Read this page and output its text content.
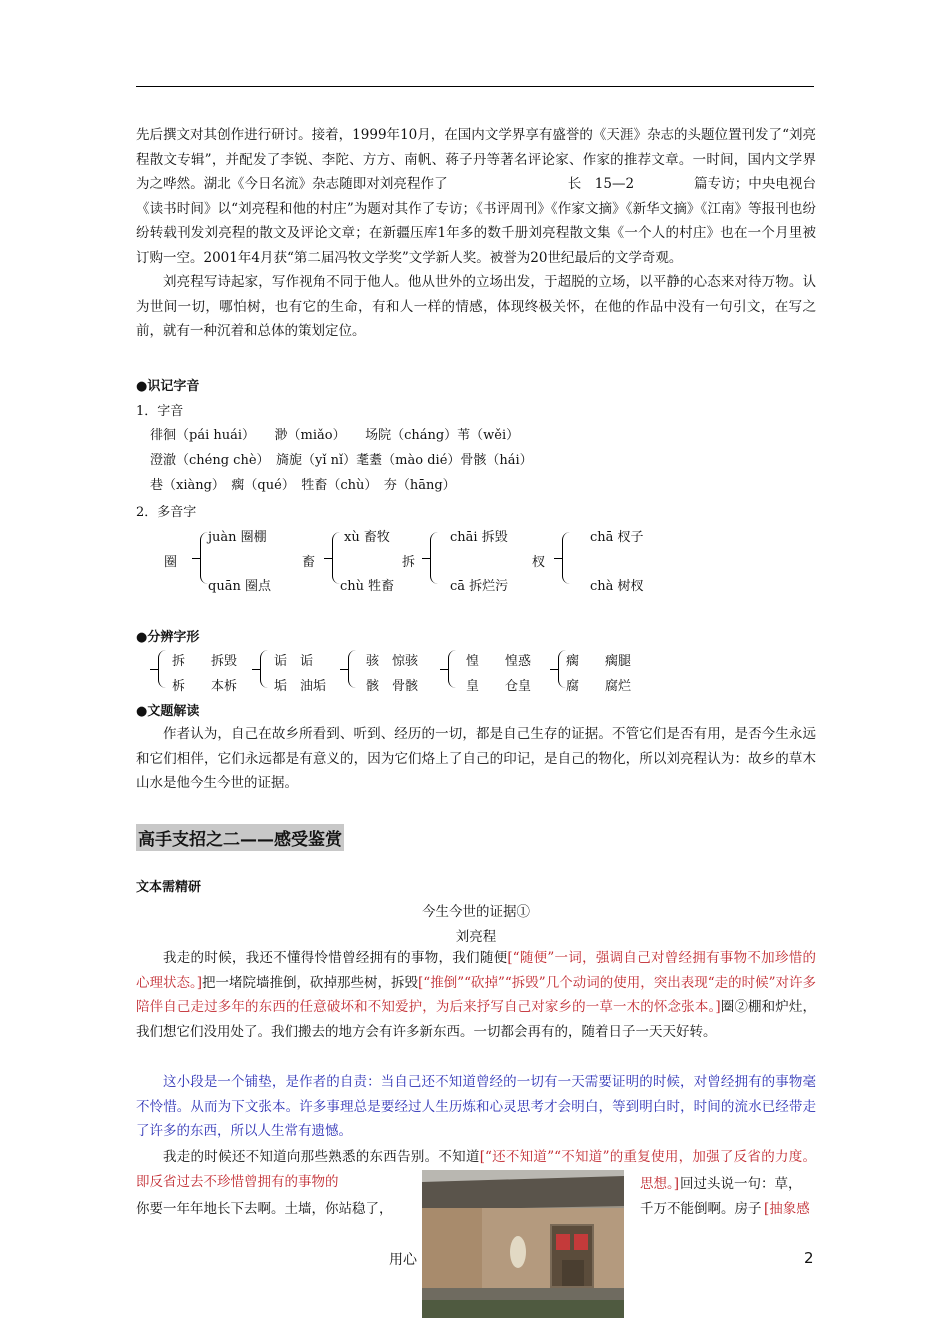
先后撰文对其创作进行研讨。接着，1999年10月，在国内文学界享有盛誉的《天涯》杂志的头题位置刊发了“刘亮程散文专辑”，并配发了李锐、李陀、方方、南帆、蒋子丹等著名评论家、作家的推荐文章。一时间，国内文学界为之哗然。湖北《今日名流》杂志随即对刘亮程作了	长　15—2	篇专访；中央电视台《读书时间》以“刘亮程和他的村庄”为题对其作了专访；《书评周刊》《作家文摘》《新华文摘》《江南》等报刊也纷纷转载刊发刘亮程的散文及评论文章；在新疆压库1年多的数千册刘亮程散文集《一个人的村庄》也在一个月里被订购一空。2001年4月获“第二届冯牧文学奖”文学新人奖。被誉为20世纪最后的文学奇观。

刘亮程写诗起家，写作视角不同于他人。他从世外的立场出发，于超脱的立场，以平静的心态来对待万物。认为世间一切，哪怕树，也有它的生命，有和人一样的情感，体现终极关怀，在他的作品中没有一句引文，在写之前，就有一种沉着和总体的策划定位。

●识记字音
1．字音
徘徊（pái huái）　　渺（miǎo）　　场院（cháng）苇（wěi）
澄澈（chéng chè）　旖旎（yǐ nǐ）耄耋（mào dié）骨骸（hái）
巷（xiàng）　瘸（qué）　牲畜（chù）　夯（hāng）
2．多音字
圈
juàn 圈棚
quān 圈点
畜
xù 畜牧
chù 牲畜
拆
chāi 拆毁
cā 拆烂污
杈
chā 杈子
chà 树杈
●分辨字形
拆　　拆毁
柝　　本柝
诟　诟
垢　油垢
骇　惊骇
骸　骨骸
惶　　惶惑
皇　　仓皇
瘸　　瘸腿
腐　　腐烂
●文题解读

作者认为，自己在故乡所看到、听到、经历的一切，都是自己生存的证据。不管它们是否有用，是否今生永远和它们相伴，它们永远都是有意义的，因为它们烙上了自己的印记，是自己的物化，所以刘亮程认为：故乡的草木山水是他今生今世的证据。

高手支招之二——感受鉴赏
文本需精研
今生今世的证据①
刘亮程

我走的时候，我还不懂得怜惜曾经拥有的事物，我们随便[“随便”一词，强调自己对曾经拥有事物不加珍惜的心理状态。]把一堵院墙推倒，砍掉那些树，拆毁[“推倒”“砍掉”“拆毁”几个动词的使用，突出表现“走的时候”对许多陪伴自己走过多年的东西的任意破坏和不知爱护，为后来抒写自己对家乡的一草一木的怀念张本。]圈②棚和炉灶，我们想它们没用处了。我们搬去的地方会有许多新东西。一切都会再有的，随着日子一天天好转。

这小段是一个铺垫，是作者的自责：当自己还不知道曾经的一切有一天需要证明的时候，对曾经拥有的事物毫不怜惜。从而为下文张本。许多事理总是要经过人生历炼和心灵思考才会明白，等到明白时，时间的流水已经带走了许多的东西，所以人生常有遗憾。

我走的时候还不知道向那些熟悉的东西告别。不知道[“还不知道”“不知道”的重复使用，加强了反省的力度。即反省过去不珍惜曾拥有的事物的	思想。] 回过头说一句：草，
你要一年年地长下去啊。土墙，你站稳了，	千万不能倒啊。房子 [抽象感
用心	2
